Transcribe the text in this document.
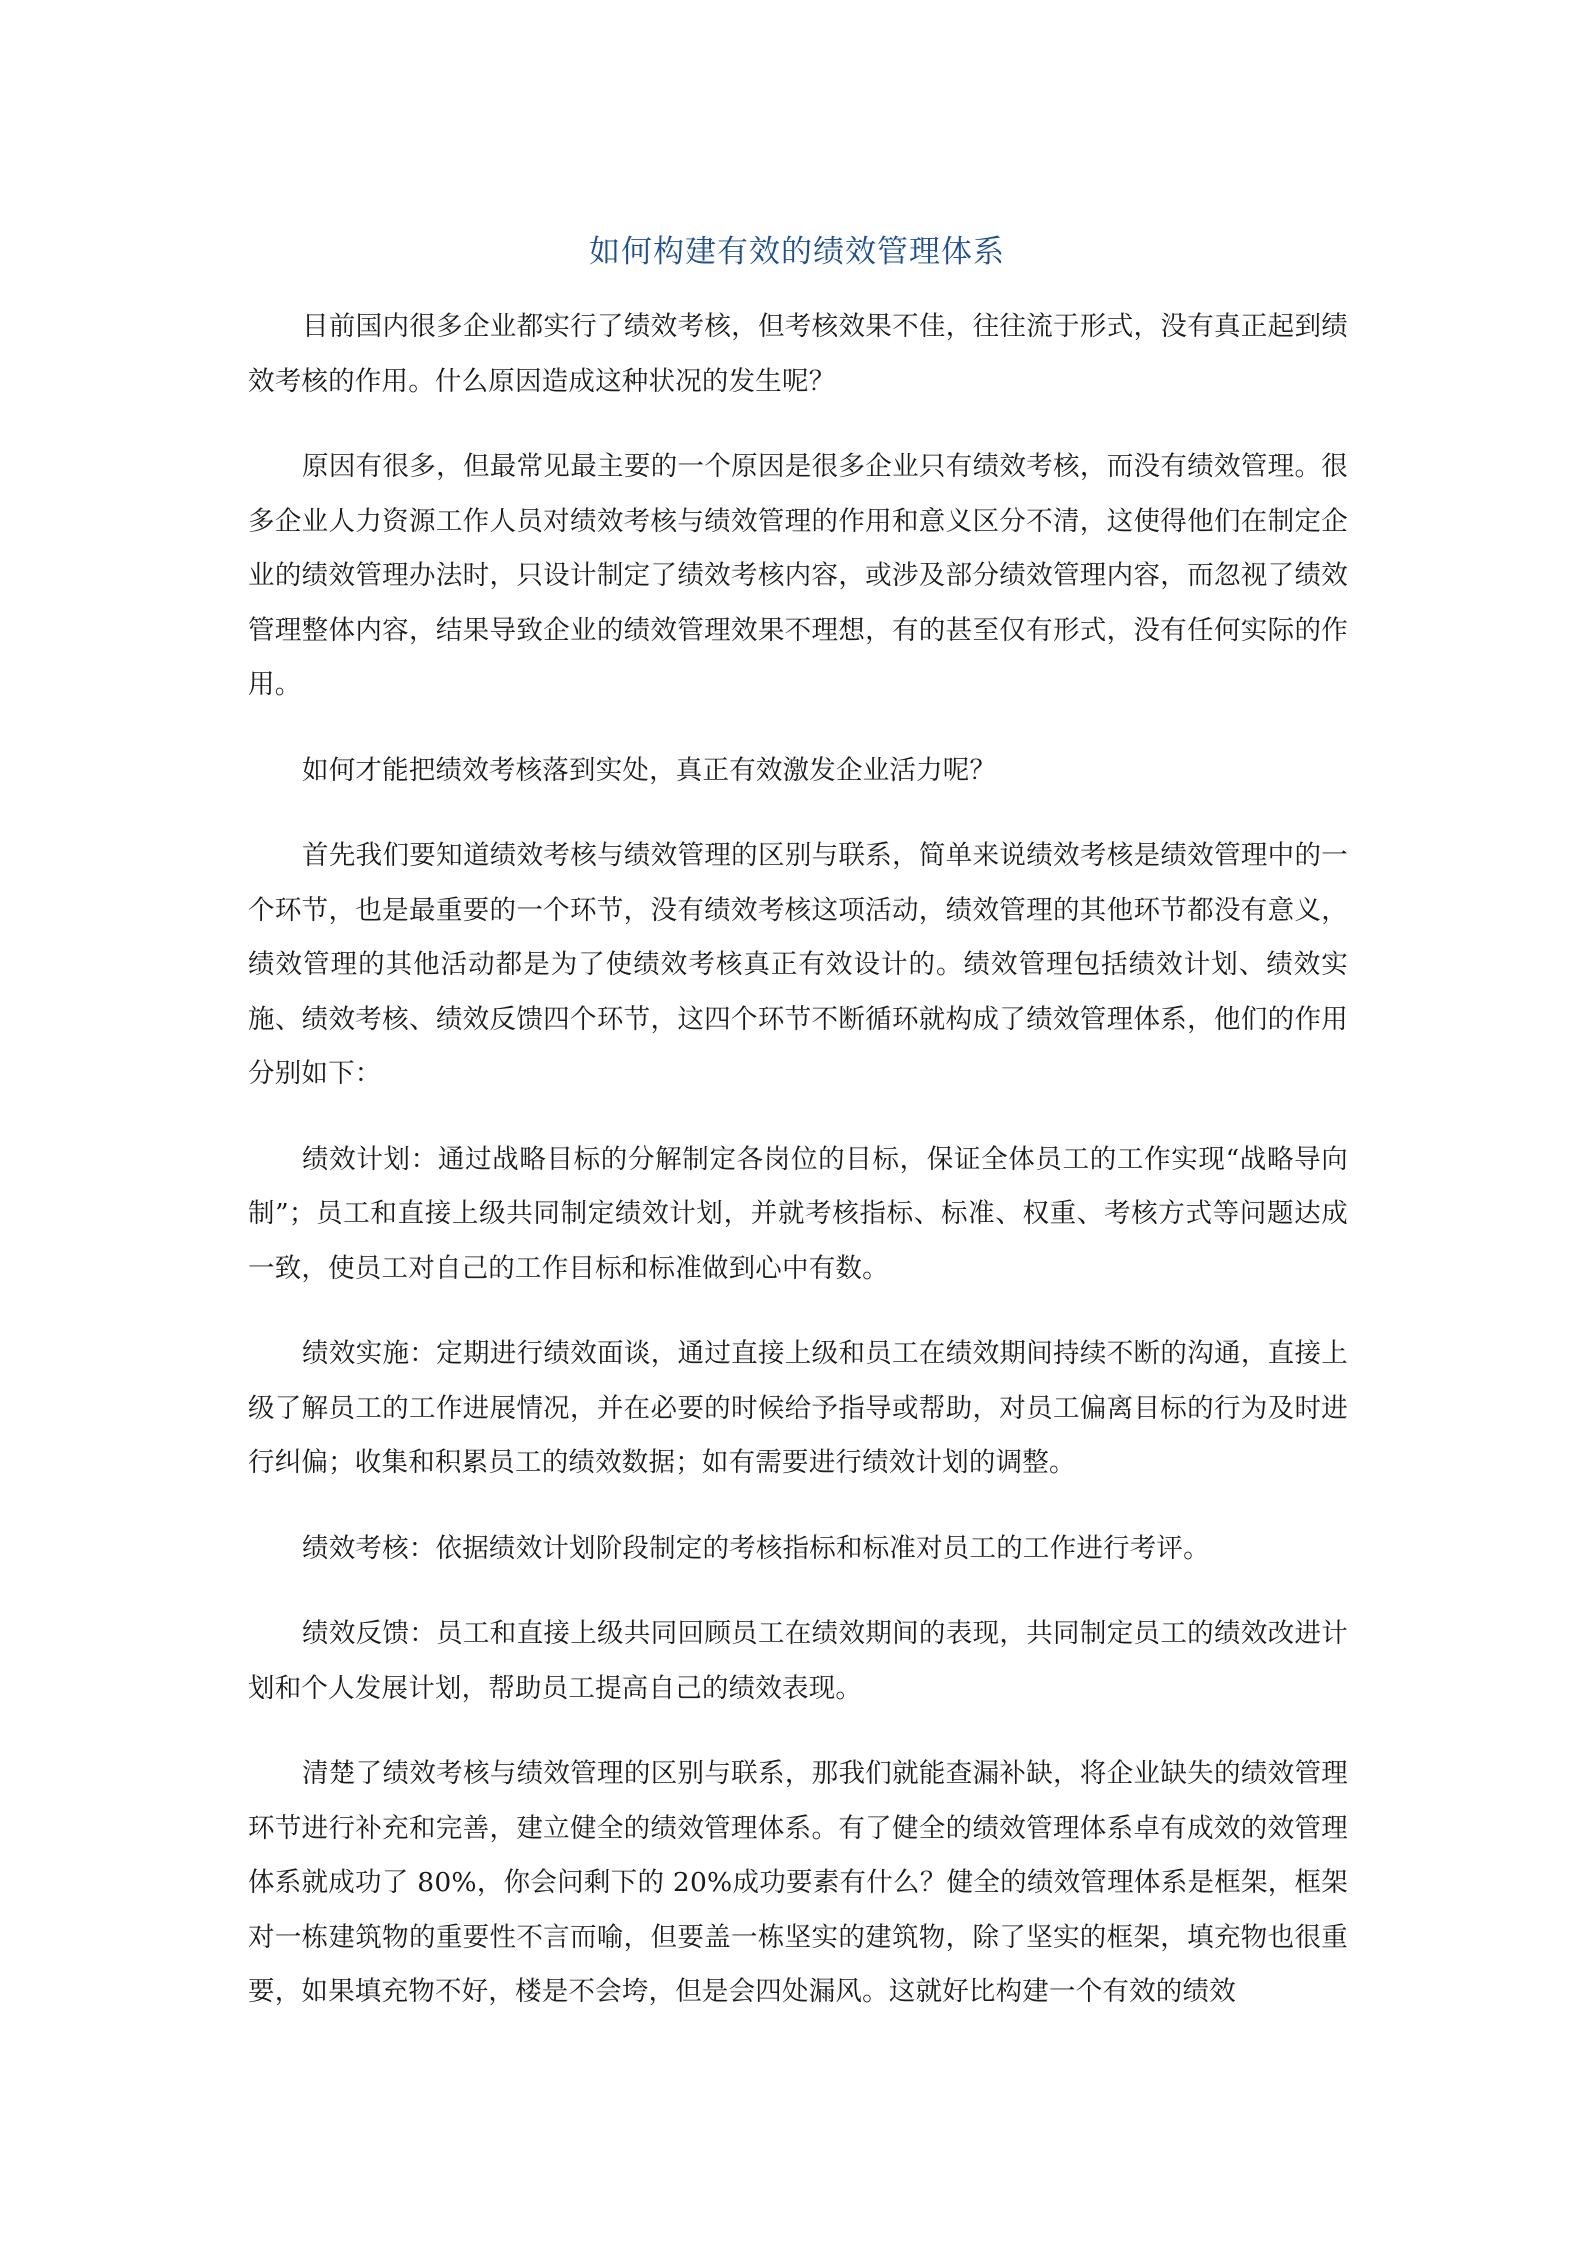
如何构建有效的绩效管理体系

目前国内很多企业都实行了绩效考核，但考核效果不佳，往往流于形式，没有真正起到绩效考核的作用。什么原因造成这种状况的发生呢？

原因有很多，但最常见最主要的一个原因是很多企业只有绩效考核，而没有绩效管理。很多企业人力资源工作人员对绩效考核与绩效管理的作用和意义区分不清，这使得他们在制定企业的绩效管理办法时，只设计制定了绩效考核内容，或涉及部分绩效管理内容，而忽视了绩效管理整体内容，结果导致企业的绩效管理效果不理想，有的甚至仅有形式，没有任何实际的作用。

如何才能把绩效考核落到实处，真正有效激发企业活力呢？

首先我们要知道绩效考核与绩效管理的区别与联系，简单来说绩效考核是绩效管理中的一个环节，也是最重要的一个环节，没有绩效考核这项活动，绩效管理的其他环节都没有意义，绩效管理的其他活动都是为了使绩效考核真正有效设计的。绩效管理包括绩效计划、绩效实施、绩效考核、绩效反馈四个环节，这四个环节不断循环就构成了绩效管理体系，他们的作用分别如下：

绩效计划：通过战略目标的分解制定各岗位的目标，保证全体员工的工作实现“战略导向制”；员工和直接上级共同制定绩效计划，并就考核指标、标准、权重、考核方式等问题达成一致，使员工对自己的工作目标和标准做到心中有数。

绩效实施：定期进行绩效面谈，通过直接上级和员工在绩效期间持续不断的沟通，直接上级了解员工的工作进展情况，并在必要的时候给予指导或帮助，对员工偏离目标的行为及时进行纠偏；收集和积累员工的绩效数据；如有需要进行绩效计划的调整。

绩效考核：依据绩效计划阶段制定的考核指标和标准对员工的工作进行考评。

绩效反馈：员工和直接上级共同回顾员工在绩效期间的表现，共同制定员工的绩效改进计划和个人发展计划，帮助员工提高自己的绩效表现。

清楚了绩效考核与绩效管理的区别与联系，那我们就能查漏补缺，将企业缺失的绩效管理环节进行补充和完善，建立健全的绩效管理体系。有了健全的绩效管理体系卓有成效的效管理体系就成功了 80%，你会问剩下的 20%成功要素有什么？健全的绩效管理体系是框架，框架对一栋建筑物的重要性不言而喻，但要盖一栋坚实的建筑物，除了坚实的框架，填充物也很重要，如果填充物不好，楼是不会垮，但是会四处漏风。这就好比构建一个有效的绩效
